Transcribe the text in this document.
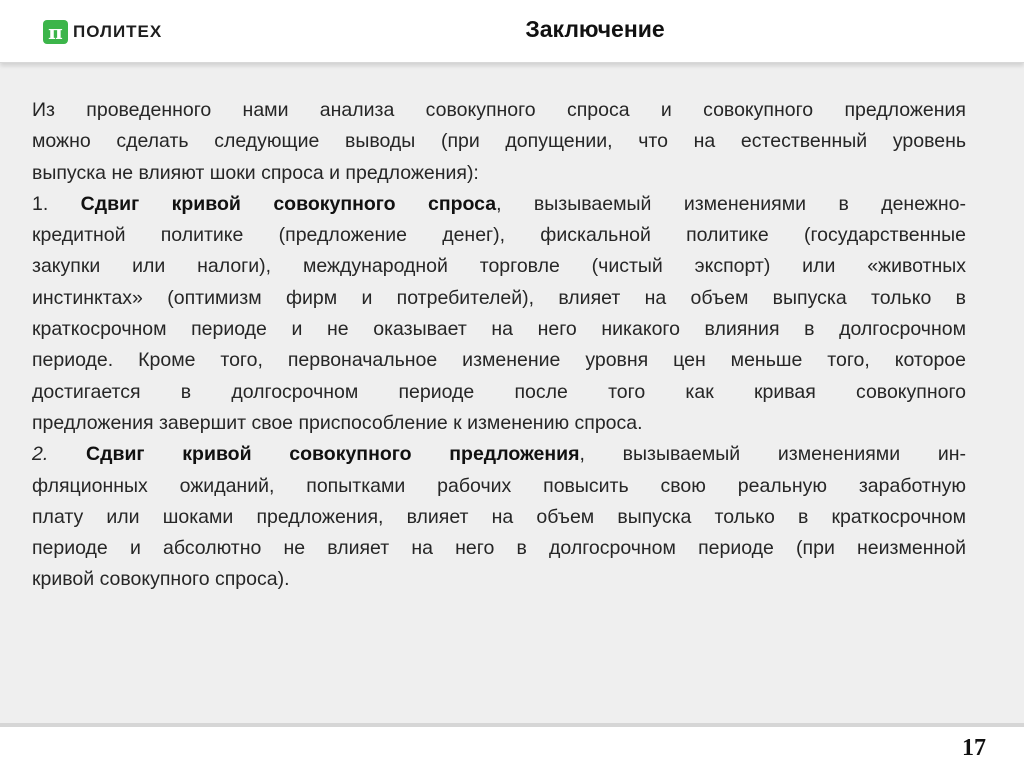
п ПОЛИТЕХ	Заключение
Из проведенного нами анализа совокупного спроса и совокупного предложения
можно сделать следующие выводы (при допущении, что на естественный уровень
выпуска не влияют шоки спроса и предложения):
1. Сдвиг кривой совокупного спроса, вызываемый изменениями в денежно-
кредитной политике (предложение денег), фискальной политике (государственные
закупки или налоги), международной торговле (чистый экспорт) или «животных
инстинктах» (оптимизм фирм и потребителей), влияет на объем выпуска только в
краткосрочном периоде и не оказывает на него никакого влияния в долгосрочном
периоде. Кроме того, первоначальное изменение уровня цен меньше того, которое
достигается в долгосрочном периоде после того как кривая совокупного
предложения завершит свое приспособление к изменению спроса.
2. Сдвиг кривой совокупного предложения, вызываемый изменениями ин-
фляционных ожиданий, попытками рабочих повысить свою реальную заработную
плату или шоками предложения, влияет на объем выпуска только в краткосрочном
периоде и абсолютно не влияет на него в долгосрочном периоде (при неизменной
кривой совокупного спроса).
17
